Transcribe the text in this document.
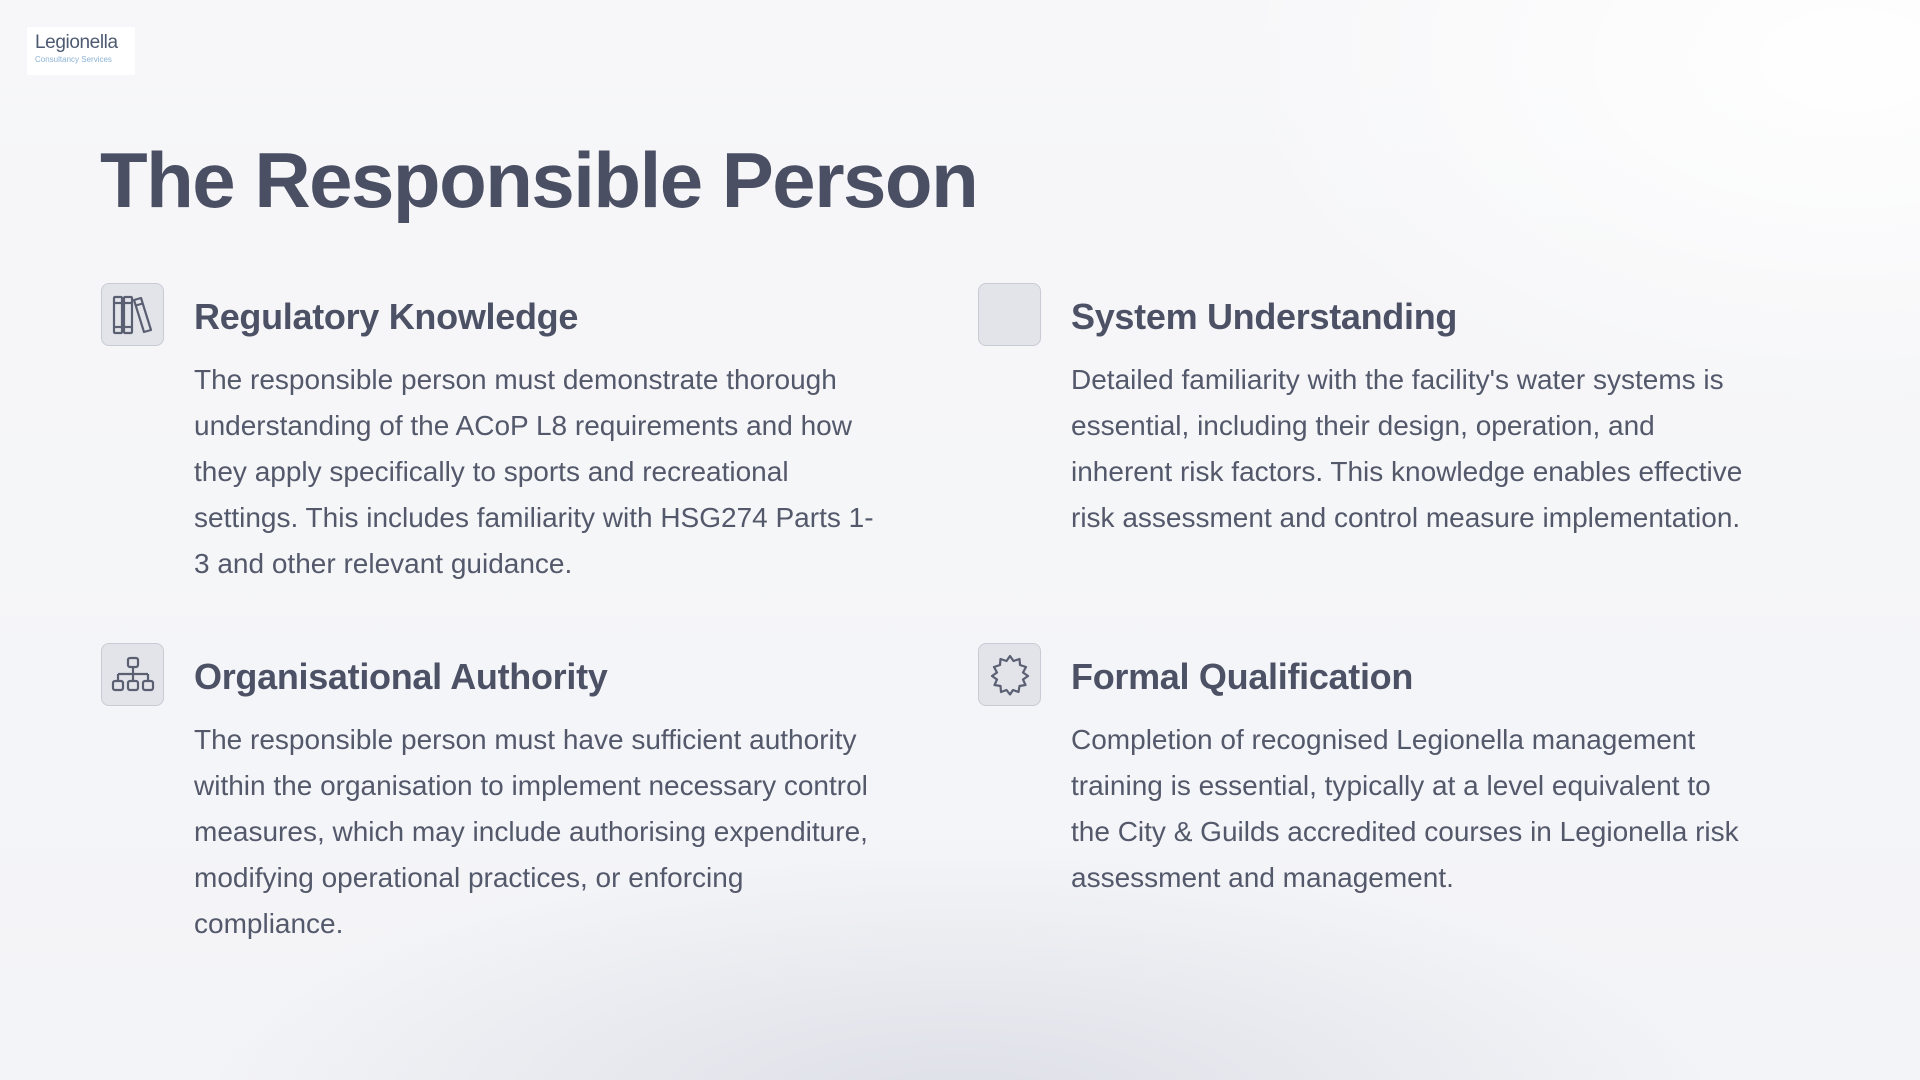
Legionella
Consultancy Services
The Responsible Person
Regulatory Knowledge

The responsible person must demonstrate thorough understanding of the ACoP L8 requirements and how they apply specifically to sports and recreational settings. This includes familiarity with HSG274 Parts 1-3 and other relevant guidance.

System Understanding

Detailed familiarity with the facility's water systems is essential, including their design, operation, and inherent risk factors. This knowledge enables effective risk assessment and control measure implementation.

Organisational Authority

The responsible person must have sufficient authority within the organisation to implement necessary control measures, which may include authorising expenditure, modifying operational practices, or enforcing compliance.

Formal Qualification

Completion of recognised Legionella management training is essential, typically at a level equivalent to the City & Guilds accredited courses in Legionella risk assessment and management.
